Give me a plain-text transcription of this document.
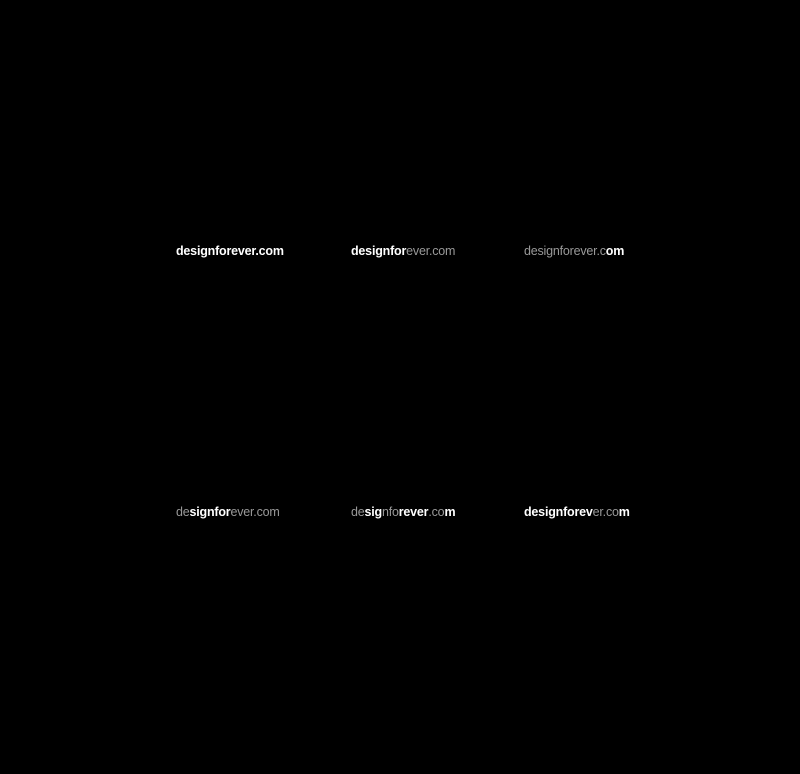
designforever.com	designforever.com	designforever.com
designforever.com	designforever.com	designforever.com
